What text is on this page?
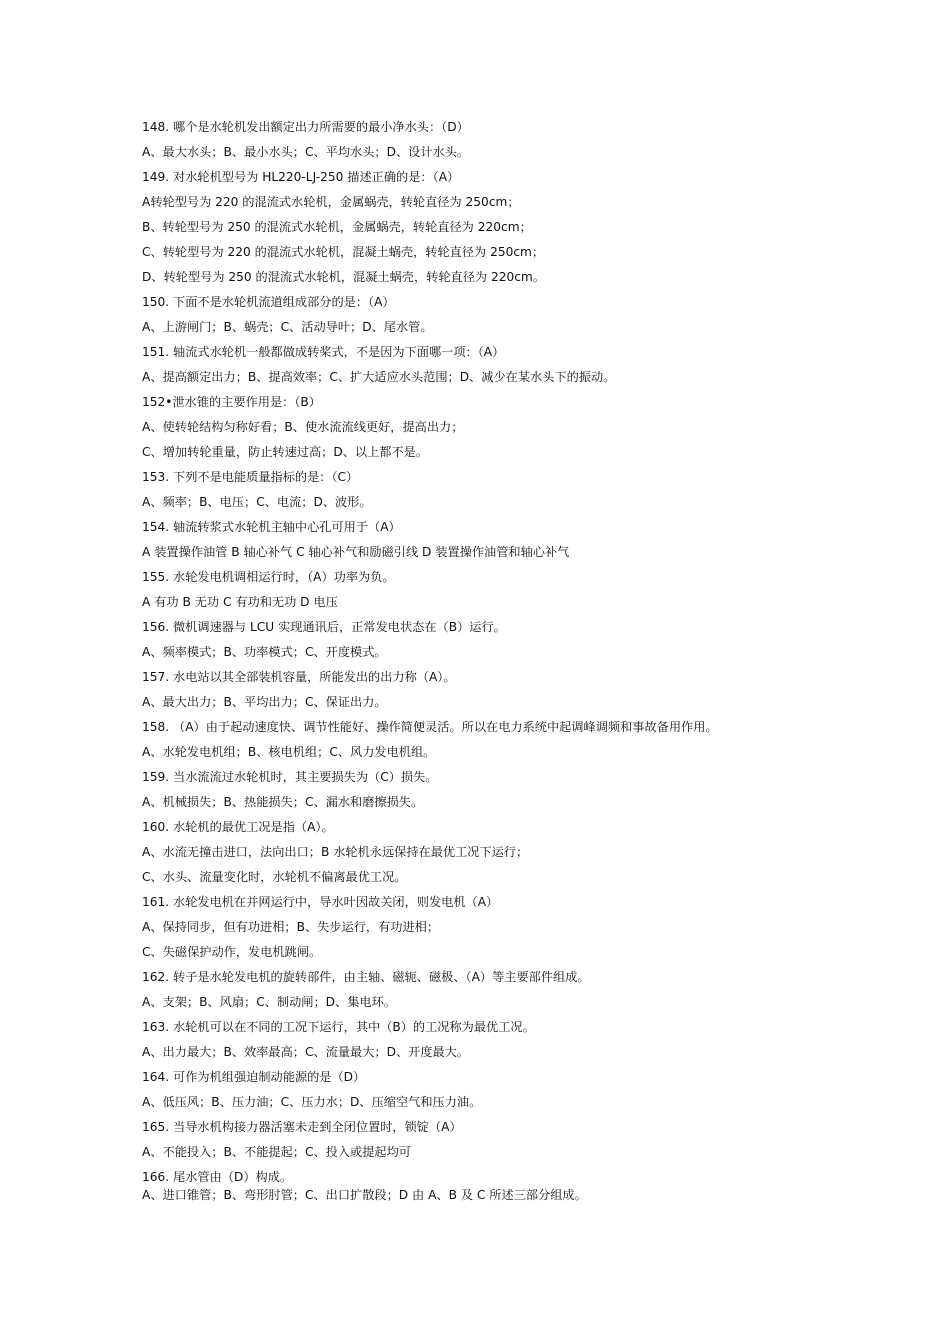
148. 哪个是水轮机发出额定出力所需要的最小净水头：（D）
A、最大水头；B、最小水头；C、平均水头；D、设计水头。
149. 对水轮机型号为 HL220-LJ-250 描述正确的是：（A）
A转轮型号为 220 的混流式水轮机，金属蜗壳，转轮直径为 250cm；
B、转轮型号为 250 的混流式水轮机，金属蜗壳，转轮直径为 220cm；
C、转轮型号为 220 的混流式水轮机，混凝土蜗壳，转轮直径为 250cm；
D、转轮型号为 250 的混流式水轮机，混凝土蜗壳，转轮直径为 220cm。
150. 下面不是水轮机流道组成部分的是：（A）
A、上游闸门；B、蜗壳；C、活动导叶；D、尾水管。
151. 轴流式水轮机一般都做成转桨式，不是因为下面哪一项：（A）
A、提高额定出力；B、提高效率；C、扩大适应水头范围；D、减少在某水头下的振动。
152•泄水锥的主要作用是：（B）
A、使转轮结构匀称好看；B、使水流流线更好，提高出力；
C、增加转轮重量，防止转速过高；D、以上都不是。
153. 下列不是电能质量指标的是：（C）
A、频率；B、电压；C、电流；D、波形。
154. 轴流转浆式水轮机主轴中心孔可用于（A）
A 装置操作油管 B 轴心补气 C 轴心补气和励磁引线 D 装置操作油管和轴心补气
155. 水轮发电机调相运行时，（A）功率为负。
A 有功 B 无功 C 有功和无功 D 电压
156. 微机调速器与 LCU 实现通讯后，正常发电状态在（B）运行。
A、频率模式；B、功率模式；C、开度模式。
157. 水电站以其全部装机容量，所能发出的出力称（A）。
A、最大出力；B、平均出力；C、保证出力。
158. （A）由于起动速度快、调节性能好、操作简便灵活。所以在电力系统中起调峰调频和事故备用作用。
A、水轮发电机组；B、核电机组；C、风力发电机组。
159. 当水流流过水轮机时，其主要损失为（C）损失。
A、机械损失；B、热能损失；C、漏水和磨擦损失。
160. 水轮机的最优工况是指（A）。
A、水流无撞击进口，法向出口；B 水轮机永远保持在最优工况下运行；
C、水头、流量变化时，水轮机不偏离最优工况。
161. 水轮发电机在并网运行中，导水叶因故关闭，则发电机（A）
A、保持同步，但有功进相；B、失步运行，有功进相；
C、失磁保护动作，发电机跳闸。
162. 转子是水轮发电机的旋转部件，由主轴、磁轭、磁极、（A）等主要部件组成。
A、支架；B、风扇；C、制动闸；D、集电环。
163. 水轮机可以在不同的工况下运行，其中（B）的工况称为最优工况。
A、出力最大；B、效率最高；C、流量最大；D、开度最大。
164. 可作为机组强迫制动能源的是（D）
A、低压风；B、压力油；C、压力水；D、压缩空气和压力油。
165. 当导水机构接力器活塞未走到全闭位置时，锁锭（A）
A、不能投入；B、不能提起；C、投入或提起均可
166. 尾水管由（D）构成。
A、进口锥管；B、弯形肘管；C、出口扩散段；D 由 A、B 及 C 所述三部分组成。
